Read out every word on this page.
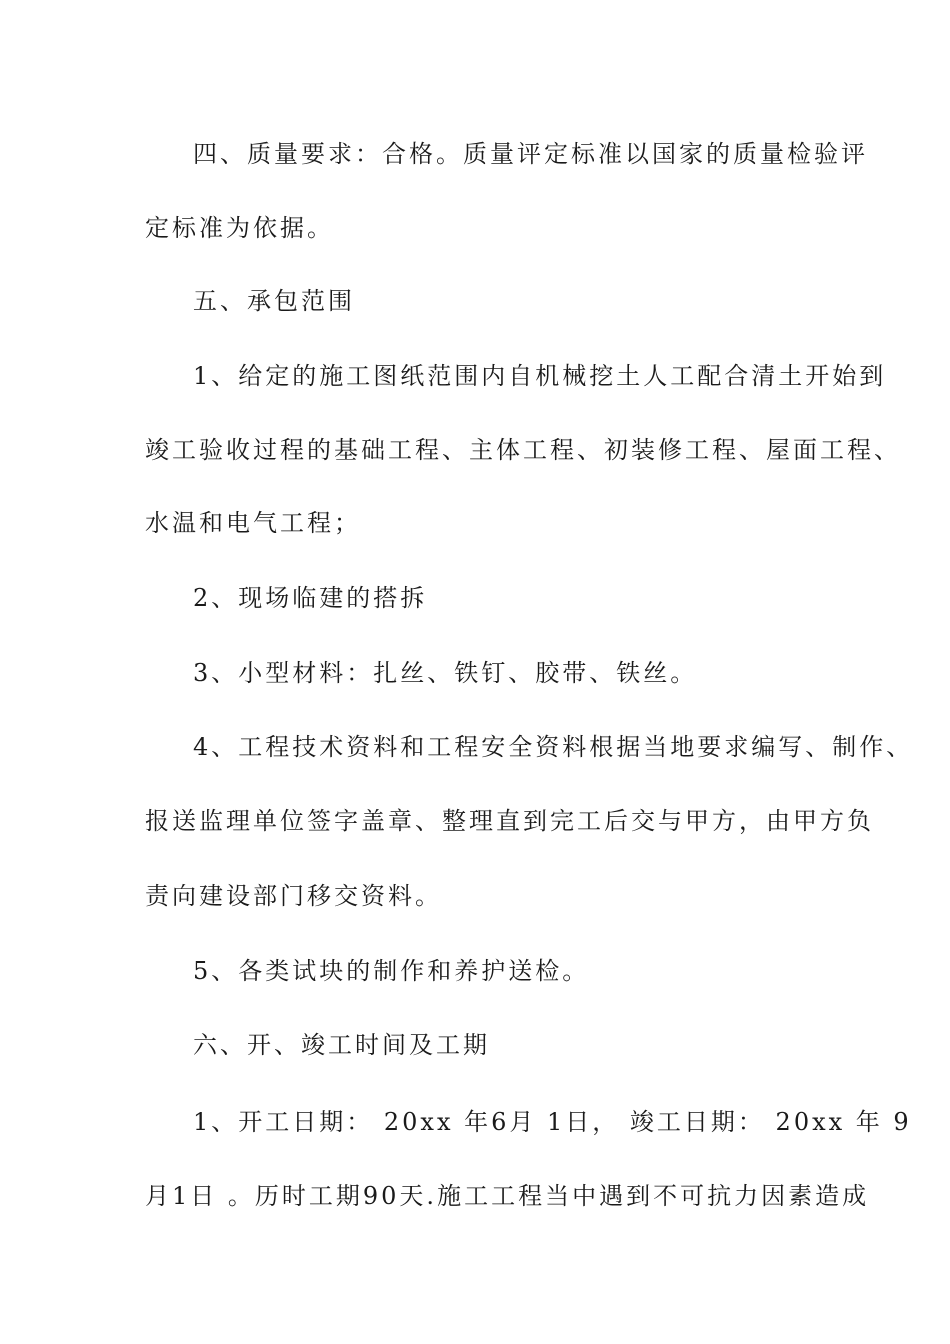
四、质量要求：合格。质量评定标准以国家的质量检验评
定标准为依据。
五、承包范围
1、给定的施工图纸范围内自机械挖土人工配合清土开始到
竣工验收过程的基础工程、主体工程、初装修工程、屋面工程、
水温和电气工程；
2、现场临建的搭拆
3、小型材料：扎丝、铁钉、胶带、铁丝。
4、工程技术资料和工程安全资料根据当地要求编写、制作、
报送监理单位签字盖章、整理直到完工后交与甲方，由甲方负
责向建设部门移交资料。
5、各类试块的制作和养护送检。
六、开、竣工时间及工期
1、开工日期： 20xx 年6月 1日， 竣工日期： 20xx 年 9
月1日 。历时工期90天.施工工程当中遇到不可抗力因素造成
